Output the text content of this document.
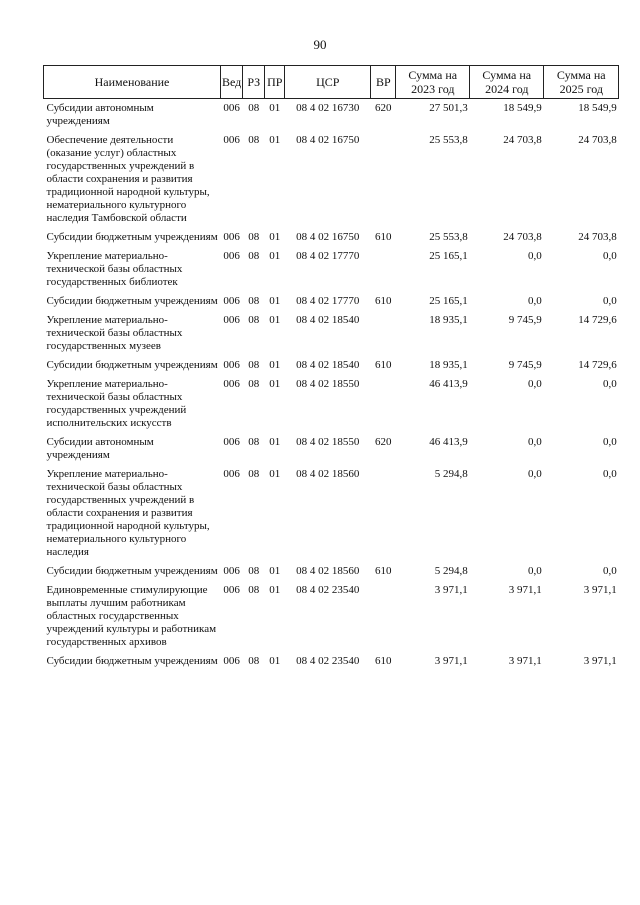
90
Наименование	Вед	РЗ	ПР	ЦСР	ВР	Сумма на 2023 год	Сумма на 2024 год	Сумма на 2025 год
Субсидии автономным учреждениям	006	08	01	08 4 02 16730	620	27 501,3	18 549,9	18 549,9

Обеспечение деятельности (оказание услуг) областных государственных учреждений в области сохранения и развития традиционной народной культуры, нематериального культурного наследия Тамбовской области	006	08	01	08 4 02 16750		25 553,8	24 703,8	24 703,8

Субсидии бюджетным учреждениям	006	08	01	08 4 02 16750	610	25 553,8	24 703,8	24 703,8

Укрепление материально-технической базы областных государственных библиотек	006	08	01	08 4 02 17770		25 165,1	0,0	0,0

Субсидии бюджетным учреждениям	006	08	01	08 4 02 17770	610	25 165,1	0,0	0,0

Укрепление материально-технической базы областных государственных музеев	006	08	01	08 4 02 18540		18 935,1	9 745,9	14 729,6

Субсидии бюджетным учреждениям	006	08	01	08 4 02 18540	610	18 935,1	9 745,9	14 729,6

Укрепление материально-технической базы областных государственных учреждений исполнительских искусств	006	08	01	08 4 02 18550		46 413,9	0,0	0,0

Субсидии автономным учреждениям	006	08	01	08 4 02 18550	620	46 413,9	0,0	0,0

Укрепление материально-технической базы областных государственных учреждений в области сохранения и развития традиционной народной культуры, нематериального культурного наследия	006	08	01	08 4 02 18560		5 294,8	0,0	0,0

Субсидии бюджетным учреждениям	006	08	01	08 4 02 18560	610	5 294,8	0,0	0,0

Единовременные стимулирующие выплаты лучшим работникам областных государственных учреждений культуры и работникам государственных архивов	006	08	01	08 4 02 23540		3 971,1	3 971,1	3 971,1

Субсидии бюджетным учреждениям	006	08	01	08 4 02 23540	610	3 971,1	3 971,1	3 971,1
